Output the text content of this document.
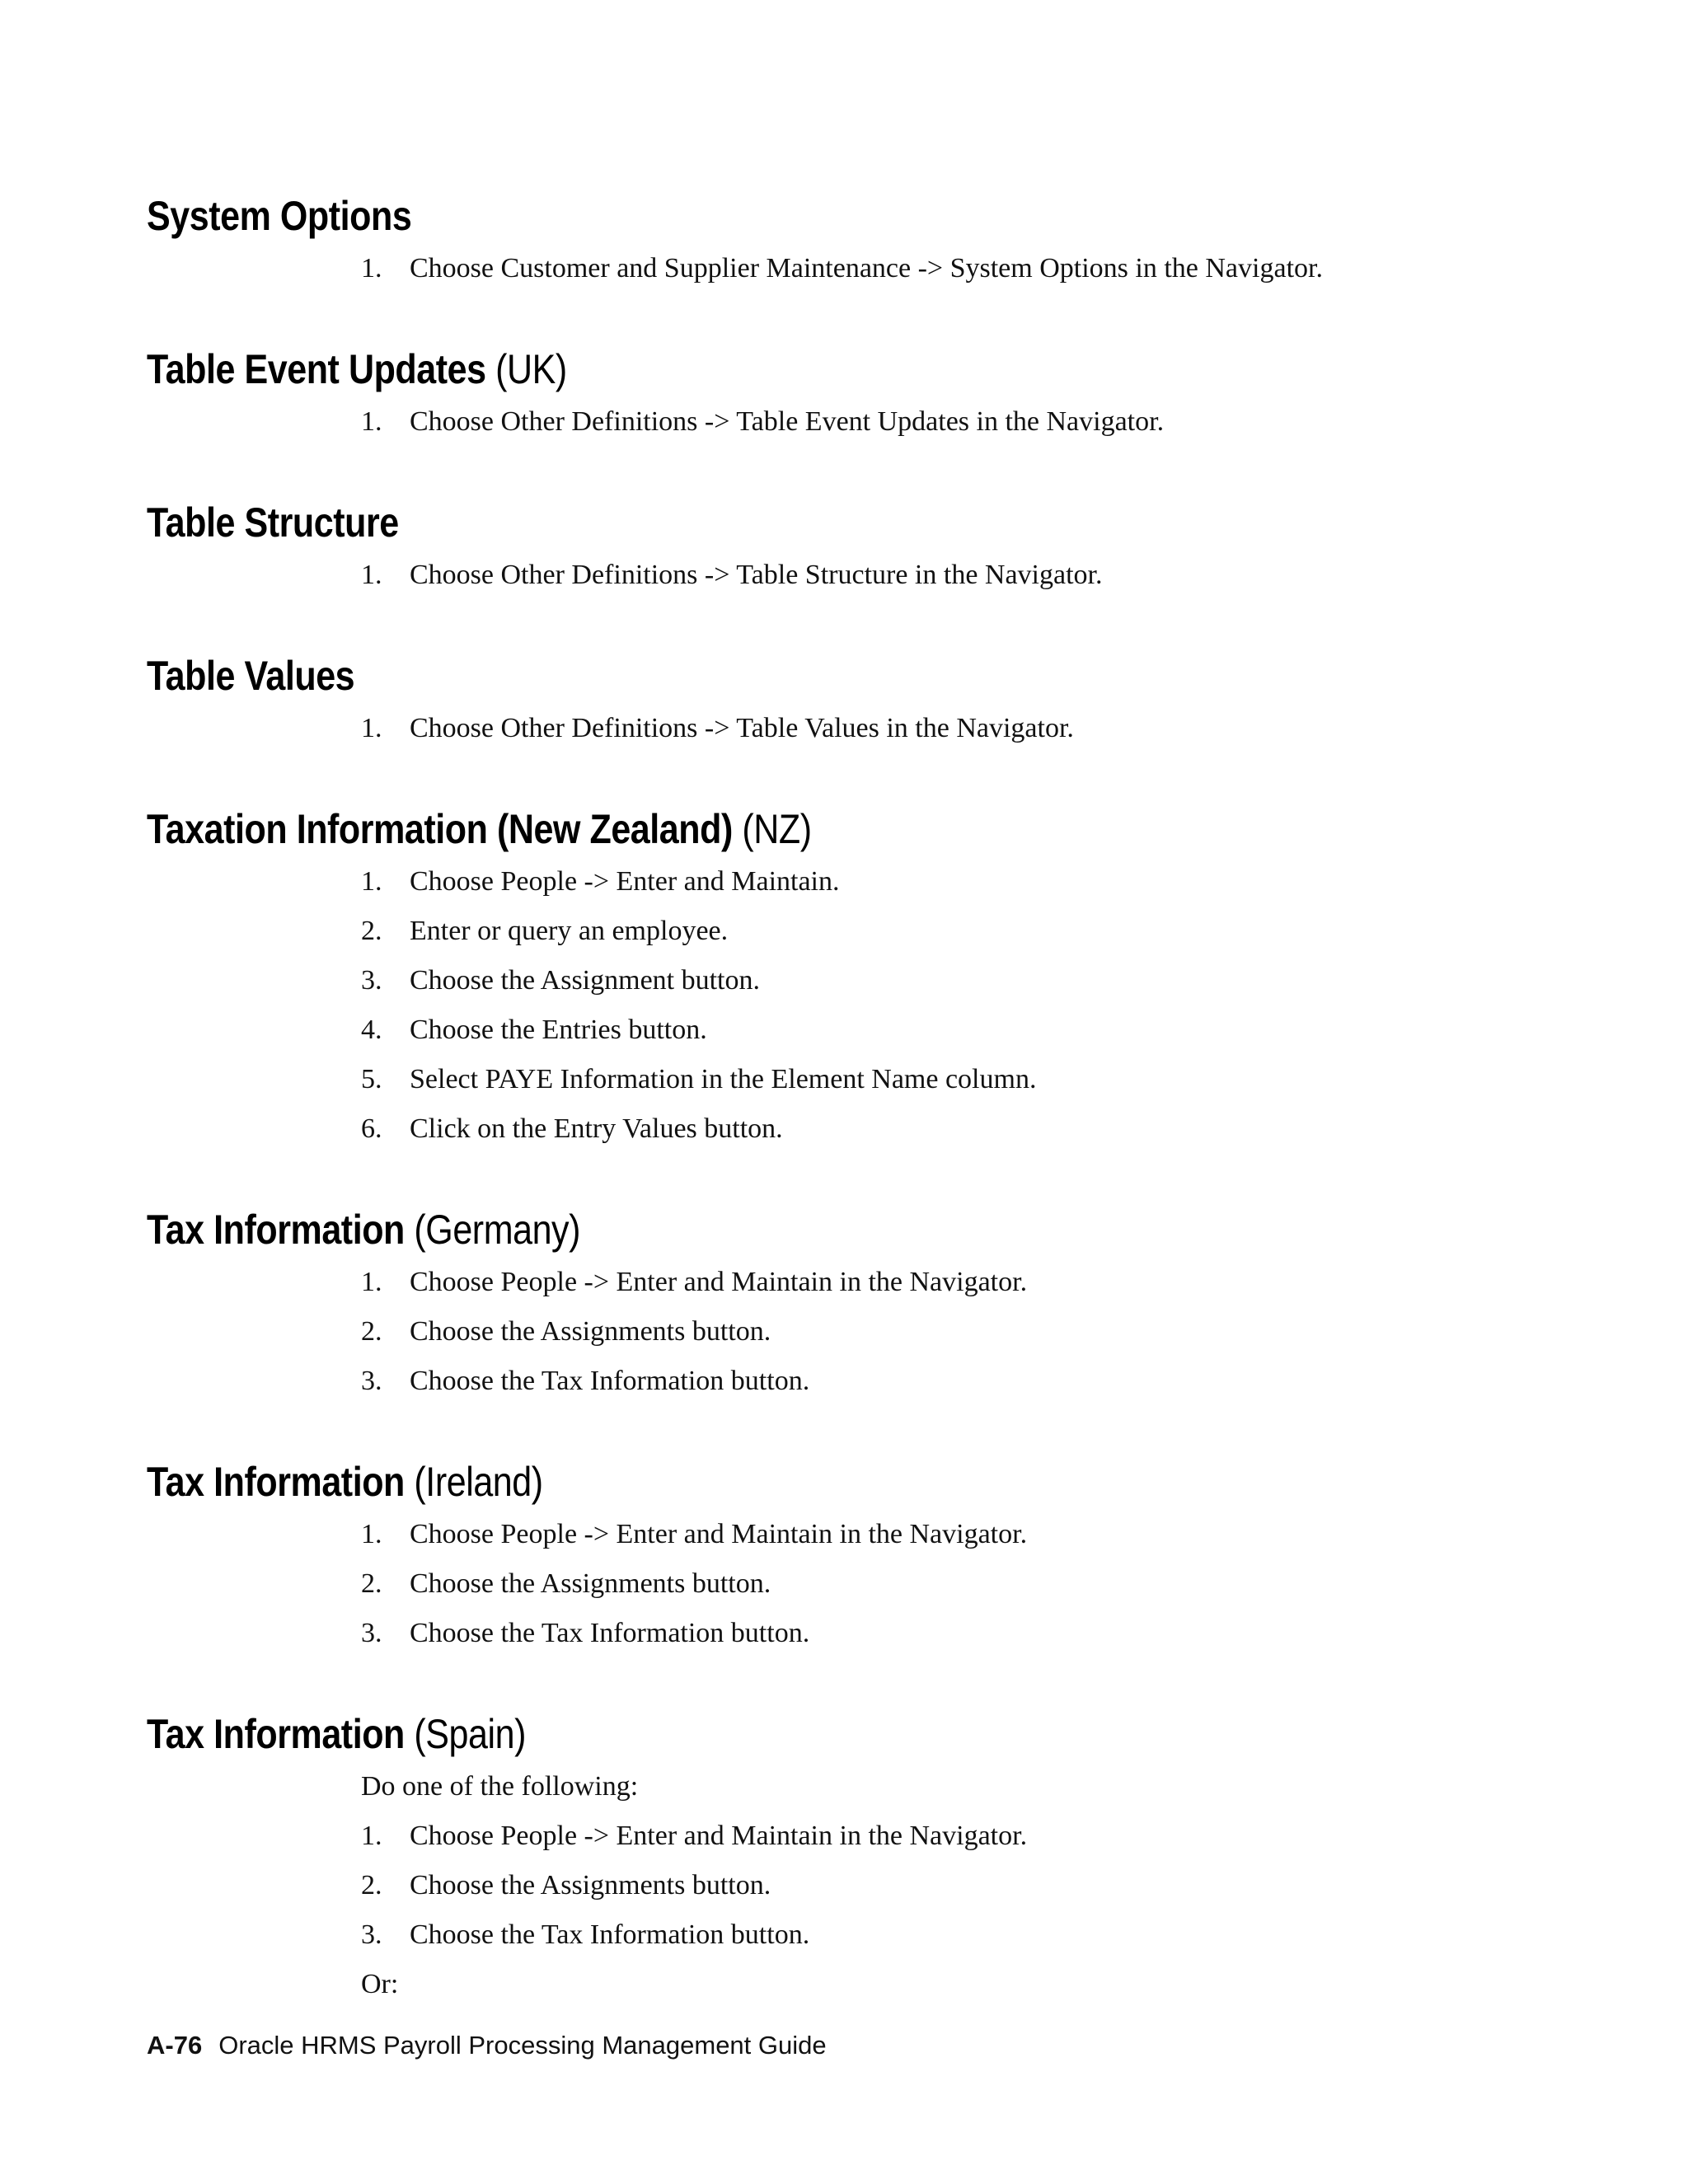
System Options
1. Choose Customer and Supplier Maintenance -> System Options in the Navigator.
Table Event Updates (UK)
1. Choose Other Definitions -> Table Event Updates in the Navigator.
Table Structure
1. Choose Other Definitions -> Table Structure in the Navigator.
Table Values
1. Choose Other Definitions -> Table Values in the Navigator.
Taxation Information (New Zealand) (NZ)
1. Choose People -> Enter and Maintain.
2. Enter or query an employee.
3. Choose the Assignment button.
4. Choose the Entries button.
5. Select PAYE Information in the Element Name column.
6. Click on the Entry Values button.
Tax Information (Germany)
1. Choose People -> Enter and Maintain in the Navigator.
2. Choose the Assignments button.
3. Choose the Tax Information button.
Tax Information (Ireland)
1. Choose People -> Enter and Maintain in the Navigator.
2. Choose the Assignments button.
3. Choose the Tax Information button.
Tax Information (Spain)
Do one of the following:
1. Choose People -> Enter and Maintain in the Navigator.
2. Choose the Assignments button.
3. Choose the Tax Information button.
Or:
A-76 Oracle HRMS Payroll Processing Management Guide
